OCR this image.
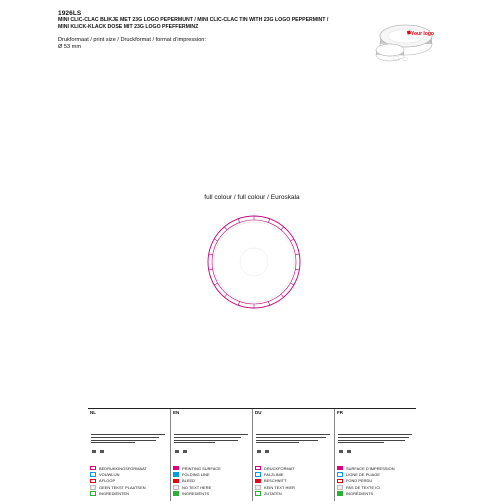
1926LS
MINI CLIC-CLAC BLIKJE MET 23G LOGO PEPERMUNT / MINI CLIC-CLAC TIN WITH 23G LOGO PEPPERMINT /
MINI KLICK-KLACK DOSE MIT 23G LOGO PFEFFERMINZ
Drukformaat / print size / Druckformat / format d’impression:
Ø 53 mm
Your logo
full colour / full colour / Euroskala
NL
BEDRUKKINGSFORMAAT
VOUWLIJN
AFLOOP
GEEN TEKST PLAATSEN
INGREDIËNTEN
EN
PRINTING SURFACE
FOLDING LINE
BLEED
NO TEXT HERE
INGREDIENTS
DU
DRUCKFORMAT
FALZLINIE
BESCHNITT
KEIN TEXT HIER
ZUTATEN
FR
SURFACE D’IMPRESSION
LIGNE DE PLIAGE
FOND PERDU
PAS DE TEXTE ICI
INGRÉDIENTS
